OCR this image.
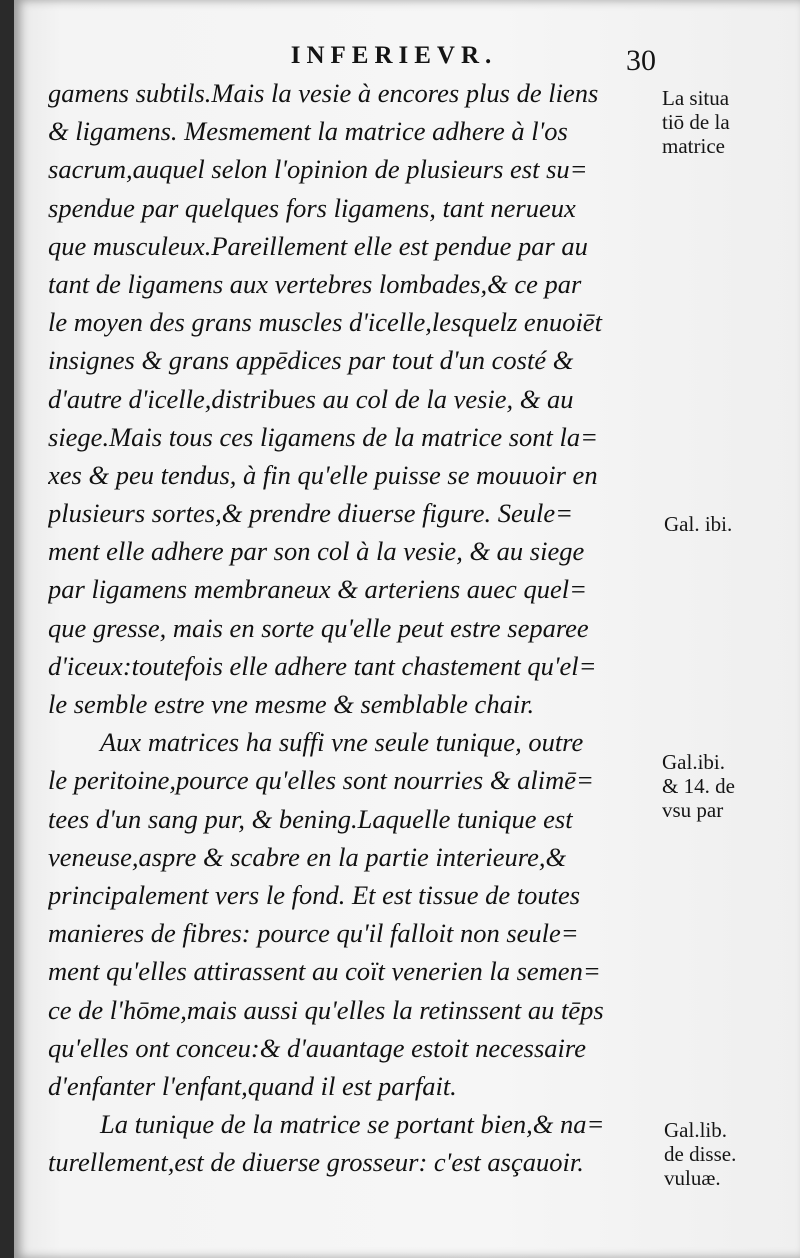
INFERIEVR.	30
gamens subtils.Mais la vesie à encores plus de liens
& ligamens. Mesmement la matrice adhere à l'os
sacrum,auquel selon l'opinion de plusieurs est su=
spendue par quelques fors ligamens, tant nerueux
que musculeux.Pareillement elle est pendue par au
tant de ligamens aux vertebres lombades,& ce par
le moyen des grans muscles d'icelle,lesquelz enuoiēt
insignes & grans appēdices par tout d'un costé &
d'autre d'icelle,distribues au col de la vesie, & au
siege.Mais tous ces ligamens de la matrice sont la=
xes & peu tendus, à fin qu'elle puisse se mouuoir en
plusieurs sortes,& prendre diuerse figure. Seule=
ment elle adhere par son col à la vesie, & au siege
par ligamens membraneux & arteriens auec quel=
que gresse, mais en sorte qu'elle peut estre separee
d'iceux:toutefois elle adhere tant chastement qu'el=
le semble estre vne mesme & semblable chair.
Aux matrices ha suffi vne seule tunique, outre
le peritoine,pource qu'elles sont nourries & alimē=
tees d'un sang pur, & bening.Laquelle tunique est
veneuse,aspre & scabre en la partie interieure,&
principalement vers le fond. Et est tissue de toutes
manieres de fibres: pource qu'il falloit non seule=
ment qu'elles attirassent au coït venerien la semen=
ce de l'hōme,mais aussi qu'elles la retinssent au tēps
qu'elles ont conceu:& d'auantage estoit necessaire
d'enfanter l'enfant,quand il est parfait.
La tunique de la matrice se portant bien,& na=
turellement,est de diuerse grosseur: c'est asçauoir.
La situa
tiō de la
matrice
Gal. ibi.
Gal.ibi.
& 14. de
vsu par
Gal.lib.
de disse.
vuluæ.
